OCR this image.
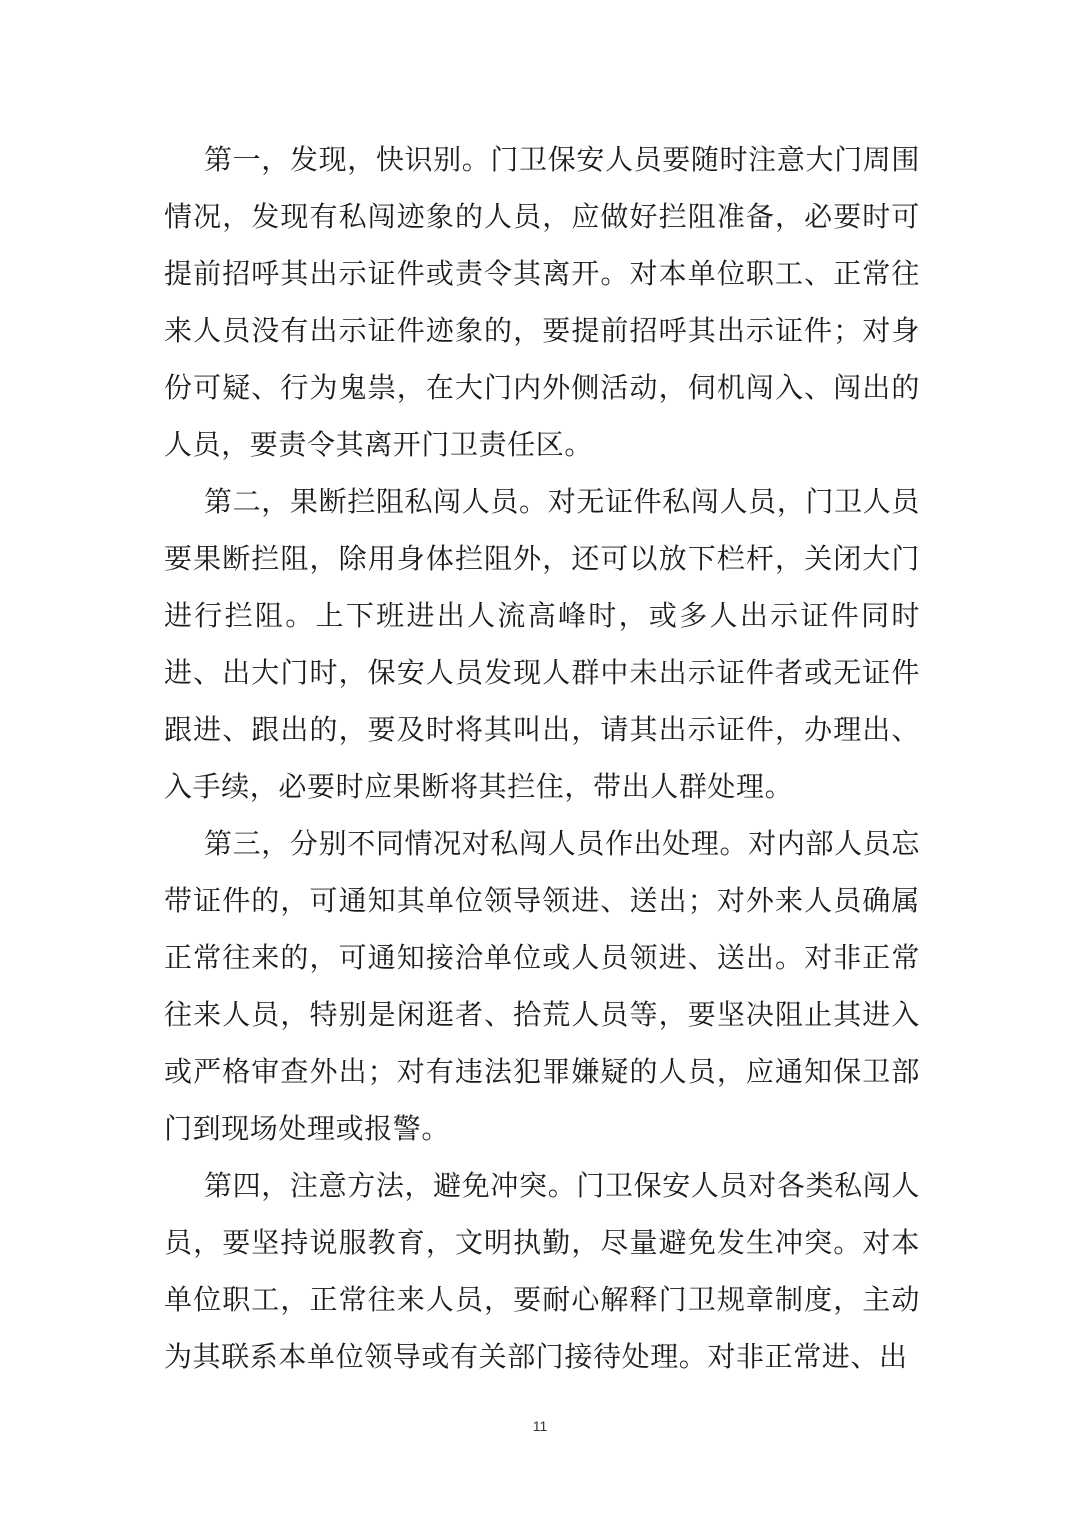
第一，发现，快识别。门卫保安人员要随时注意大门周围情况，发现有私闯迹象的人员，应做好拦阻准备，必要时可提前招呼其出示证件或责令其离开。对本单位职工、正常往来人员没有出示证件迹象的，要提前招呼其出示证件；对身份可疑、行为鬼祟，在大门内外侧活动，伺机闯入、闯出的人员，要责令其离开门卫责任区。

第二，果断拦阻私闯人员。对无证件私闯人员，门卫人员要果断拦阻，除用身体拦阻外，还可以放下栏杆，关闭大门进行拦阻。上下班进出人流高峰时，或多人出示证件同时进、出大门时，保安人员发现人群中未出示证件者或无证件跟进、跟出的，要及时将其叫出，请其出示证件，办理出、入手续，必要时应果断将其拦住，带出人群处理。

第三，分别不同情况对私闯人员作出处理。对内部人员忘带证件的，可通知其单位领导领进、送出；对外来人员确属正常往来的，可通知接洽单位或人员领进、送出。对非正常往来人员，特别是闲逛者、拾荒人员等，要坚决阻止其进入或严格审查外出；对有违法犯罪嫌疑的人员，应通知保卫部门到现场处理或报警。

第四，注意方法，避免冲突。门卫保安人员对各类私闯人员，要坚持说服教育，文明执勤，尽量避免发生冲突。对本单位职工，正常往来人员，要耐心解释门卫规章制度，主动为其联系本单位领导或有关部门接待处理。对非正常进、出

11
